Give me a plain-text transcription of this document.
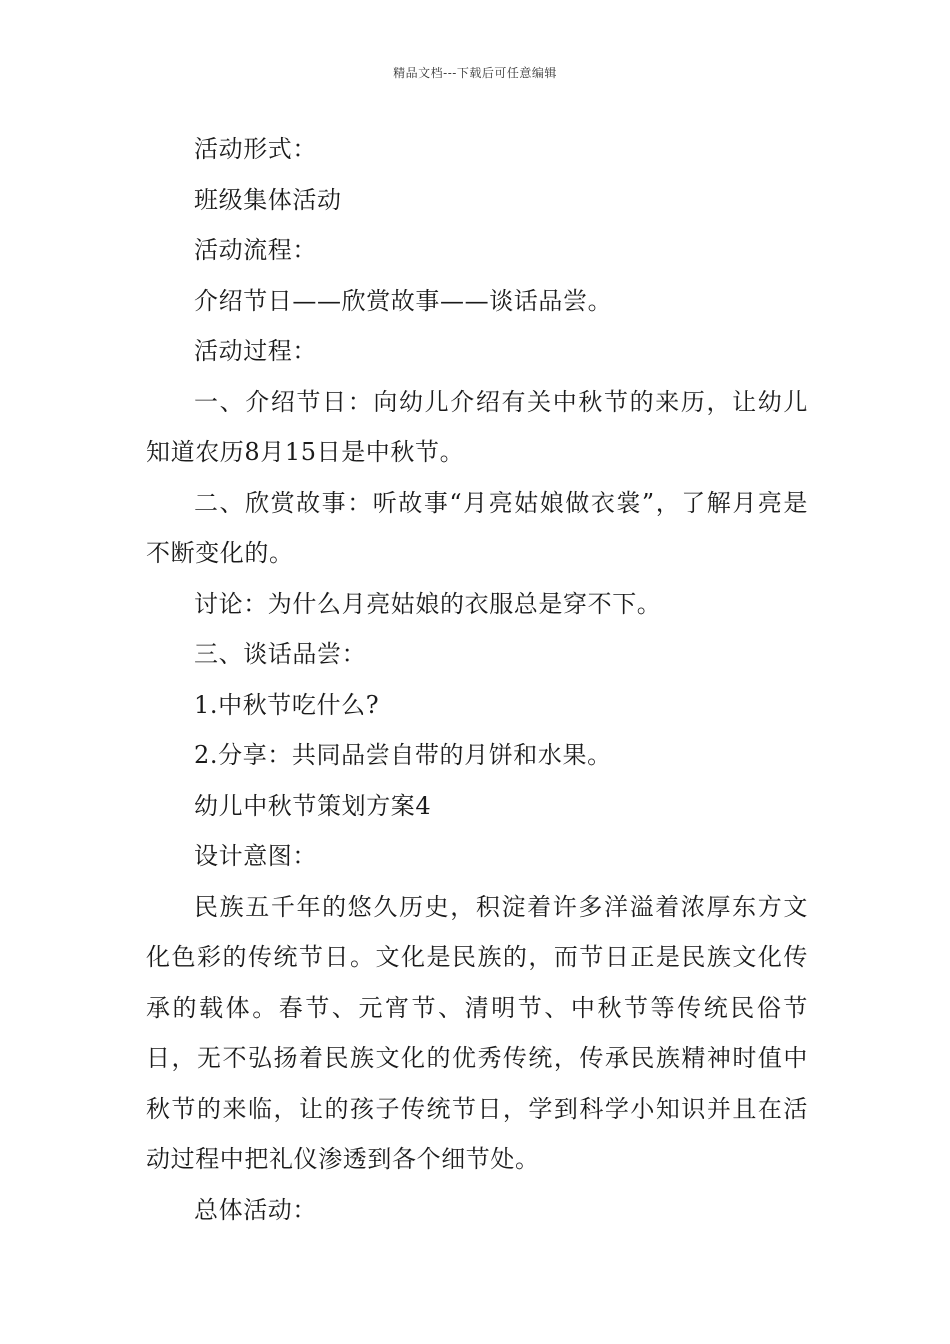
精品文档---下载后可任意编辑

活动形式：

班级集体活动

活动流程：

介绍节日——欣赏故事——谈话品尝。

活动过程：

一、介绍节日：向幼儿介绍有关中秋节的来历，让幼儿知道农历8月15日是中秋节。

二、欣赏故事：听故事“月亮姑娘做衣裳”，了解月亮是不断变化的。

讨论：为什么月亮姑娘的衣服总是穿不下。

三、谈话品尝：

1.中秋节吃什么?

2.分享：共同品尝自带的月饼和水果。

幼儿中秋节策划方案4

设计意图：

民族五千年的悠久历史，积淀着许多洋溢着浓厚东方文化色彩的传统节日。文化是民族的，而节日正是民族文化传承的载体。春节、元宵节、清明节、中秋节等传统民俗节日，无不弘扬着民族文化的优秀传统，传承民族精神时值中秋节的来临，让的孩子传统节日，学到科学小知识并且在活动过程中把礼仪渗透到各个细节处。

总体活动：
